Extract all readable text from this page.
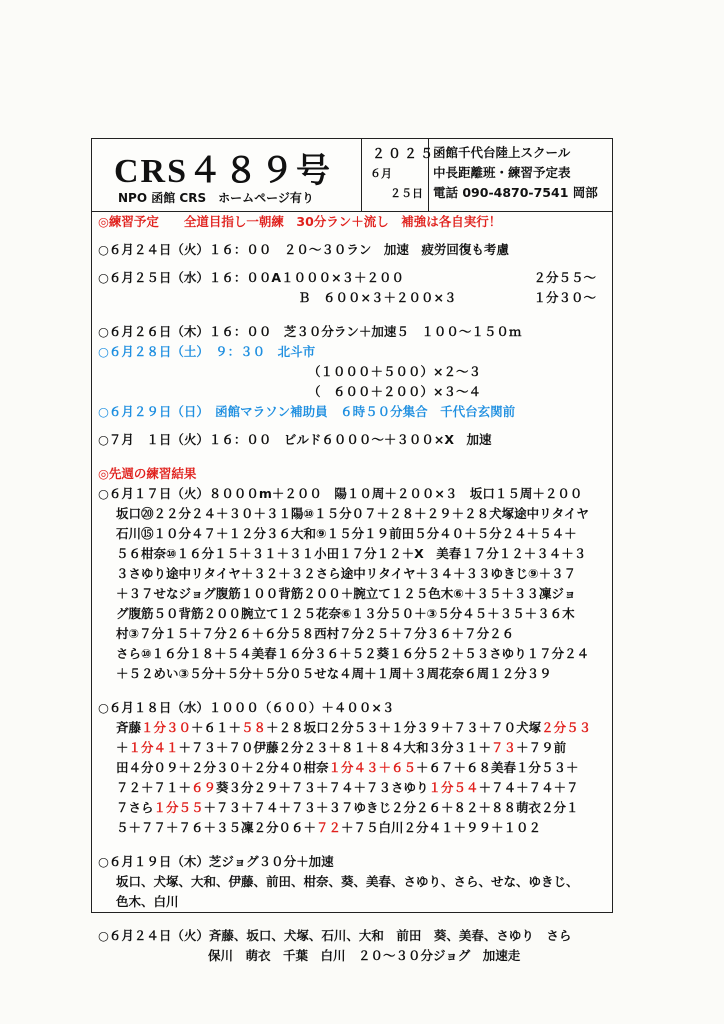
CRS４８９号
NPO 函館 CRS　ホームページ有り
２０２５
６月
２５日
函館千代台陸上スクール
中長距離班・練習予定表
電話 090-4870-7541 岡部
◎練習予定　　全道目指し一朝練　30分ラン＋流し　補強は各自実行！
○６月２４日（火）１６：００　２０～３０ラン　加速　疲労回復も考慮
○６月２５日（水）１６：００A１０００×３＋２００	２分５５～
Ｂ　６００×３＋２００×３	１分３０～
○６月２６日（木）１６：００　芝３０分ラン＋加速５　１００～１５０ｍ
○６月２８日（土）　９：３０　北斗市
（１０００＋５００）×２～３
（　６００＋２００）×３～４
○６月２９日（日）　函館マラソン補助員　６時５０分集合　千代台玄関前
○７月　１日（火）１６：００　ビルド６０００～＋３００×X　加速
◎先週の練習結果
○６月１７日（火）８０００m＋２００　陽１０周＋２００×３　坂口１５周＋２００
坂口⑳２２分２４＋３０＋３１陽⑩１５分０７＋２８＋２９＋２８犬塚途中リタイヤ
石川⑮１０分４７＋１２分３６大和⑨１５分１９前田５分４０＋５分２４＋５４＋
５６柑奈⑩１６分１５＋３１＋３１小田１７分１２＋X　美春１７分１２＋３４＋３
３さゆり途中リタイヤ＋３２＋３２さら途中リタイヤ＋３４＋３３ゆきじ⑨＋３７
＋３７せなジョグ腹筋１００背筋２００＋腕立て１２５色木⑥＋３５＋３３凜ジョ
グ腹筋５０背筋２００腕立て１２５花奈⑥１３分５０＋③５分４５＋３５＋３６木
村③７分１５＋７分２６＋６分５８西村７分２５＋７分３６＋７分２６
さら⑩１６分１８＋５４美春１６分３６＋５２葵１６分５２＋５３さゆり１７分２４
＋５２めい③５分＋５分＋５分０５せな４周＋１周＋３周花奈６周１２分３９
○６月１８日（水）１０００（６００）＋４００×３
斉藤１分３０＋６１＋５８＋２８坂口２分５３＋１分３９＋７３＋７０犬塚２分５３
＋１分４１＋７３＋７０伊藤２分２３＋８１＋８４大和３分３１＋７３＋７９前
田４分０９＋２分３０＋２分４０柑奈１分４３＋６５＋６７＋６８美春１分５３＋
７２＋７１＋６９葵３分２９＋７３＋７４＋７３さゆり１分５４＋７４＋７４＋７
７さら１分５５＋７３＋７４＋７３＋３７ゆきじ２分２６＋８２＋８８萌衣２分１
５＋７７＋７６＋３５凜２分０６＋７２＋７５白川２分４１＋９９＋１０２
○６月１９日（木）芝ジョグ３０分＋加速
坂口、犬塚、大和、伊藤、前田、柑奈、葵、美春、さゆり、さら、せな、ゆきじ、
色木、白川
○６月２４日（火）斉藤、坂口、犬塚、石川、大和　前田　葵、美春、さゆり　さら
保川　萌衣　千葉　白川　２０～３０分ジョグ　加速走
